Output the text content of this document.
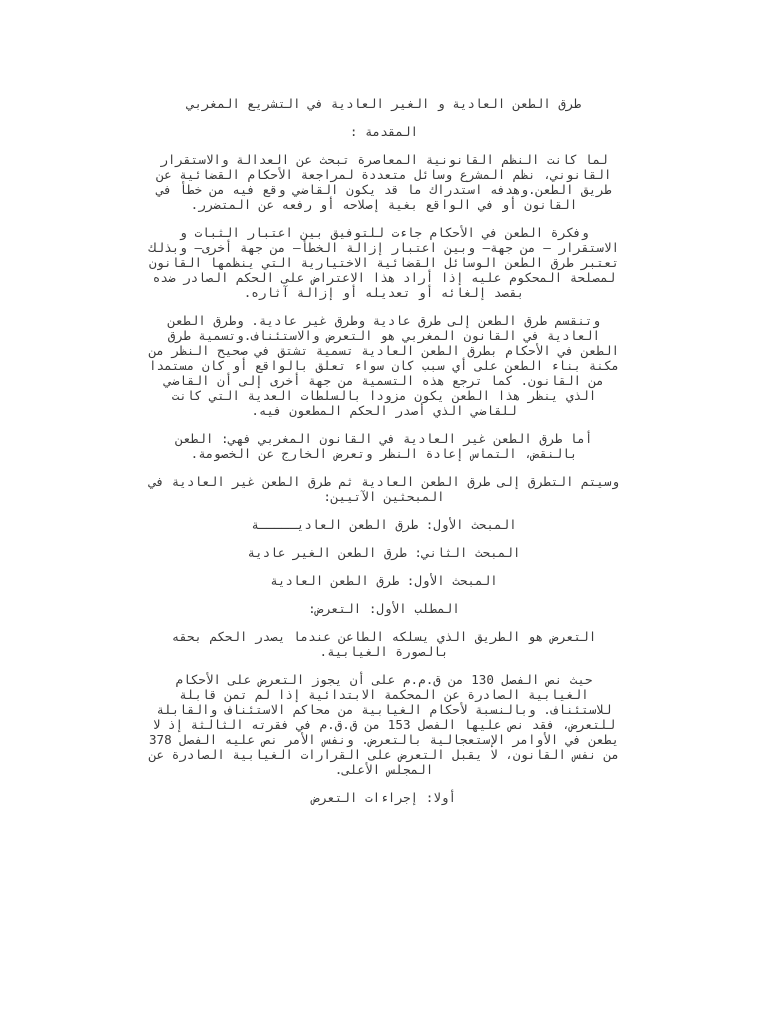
طرق الطعن العادية و الغير العادية في التشريع المغربي
المقدمة :
لما كانت النظم القانونية المعاصرة تبحث عن العدالة والاستقرار
القانوني، نظم المشرع وسائل متعددة لمراجعة الأحكام القضائية عن
طريق الطعن.وهدفه استدراك ما قد يكون القاضي وقع فيه من خطأ في
القانون أو في الواقع بغية إصلاحه أو رفعه عن المتضرر.
وفكرة الطعن في الأحكام جاءت للتوفيق بين اعتبار الثبات و
الاستقرار – من جهة– وبين اعتبار إزالة الخطأ– من جهة أخرى– وبذلك
تعتبر طرق الطعن الوسائل القضائية الاختيارية التي ينظمها القانون
لمصلحة المحكوم عليه إذا أراد هذا الاعتراض على الحكم الصادر ضده
بقصد إلغائه أو تعديله أو إزالة آثاره.
وتنقسم طرق الطعن إلى طرق عادية وطرق غير عادية. وطرق الطعن
العادية في القانون المغربي هو التعرض والاستئناف.وتسمية طرق
الطعن في الأحكام بطرق الطعن العادية تسمية تشتق في صحيح النظر من
مكنة بناء الطعن على أي سبب كان سواء تعلق بالواقع أو كان مستمدا
من القانون. كما ترجع هذه التسمية من جهة أخرى إلى أن القاضي
الذي ينظر هذا الطعن يكون مزودا بالسلطات العدية التي كانت
للقاضي الذي أصدر الحكم المطعون فيه.
أما طرق الطعن غير العادية في القانون المغربي فهي: الطعن
بالنقض، التماس إعادة النظر وتعرض الخارج عن الخصومة.
وسيتم التطرق إلى طرق الطعن العادية ثم طرق الطعن غير العادية في
المبحثين الآتيين:
المبحث الأول: طرق الطعن العاديـــــة
المبحث الثاني: طرق الطعن الغير عادية
المبحث الأول: طرق الطعن العادية
المطلب الأول: التعرض:
التعرض هو الطريق الذي يسلكه الطاعن عندما يصدر الحكم بحقه
بالصورة الغيابية.
حيث نص الفصل 130 من ق.م.م على أن يجوز التعرض على الأحكام
الغيابية الصادرة عن المحكمة الابتدائية إذا لم تمن قابلة
للاستئناف. وبالنسبة لأحكام الغيابية من محاكم الاستئناف والقابلة
للتعرض، فقد نص عليها الفصل 153 من ق.ق.م في فقرته الثالثة إذ لا
يطعن في الأوامر الإستعجالية بالتعرض. ونفس الأمر نص عليه الفصل 378
من نفس القانون، لا يقبل التعرض على القرارات الغيابية الصادرة عن
المجلس الأعلى.
أولا: إجراءات التعرض
